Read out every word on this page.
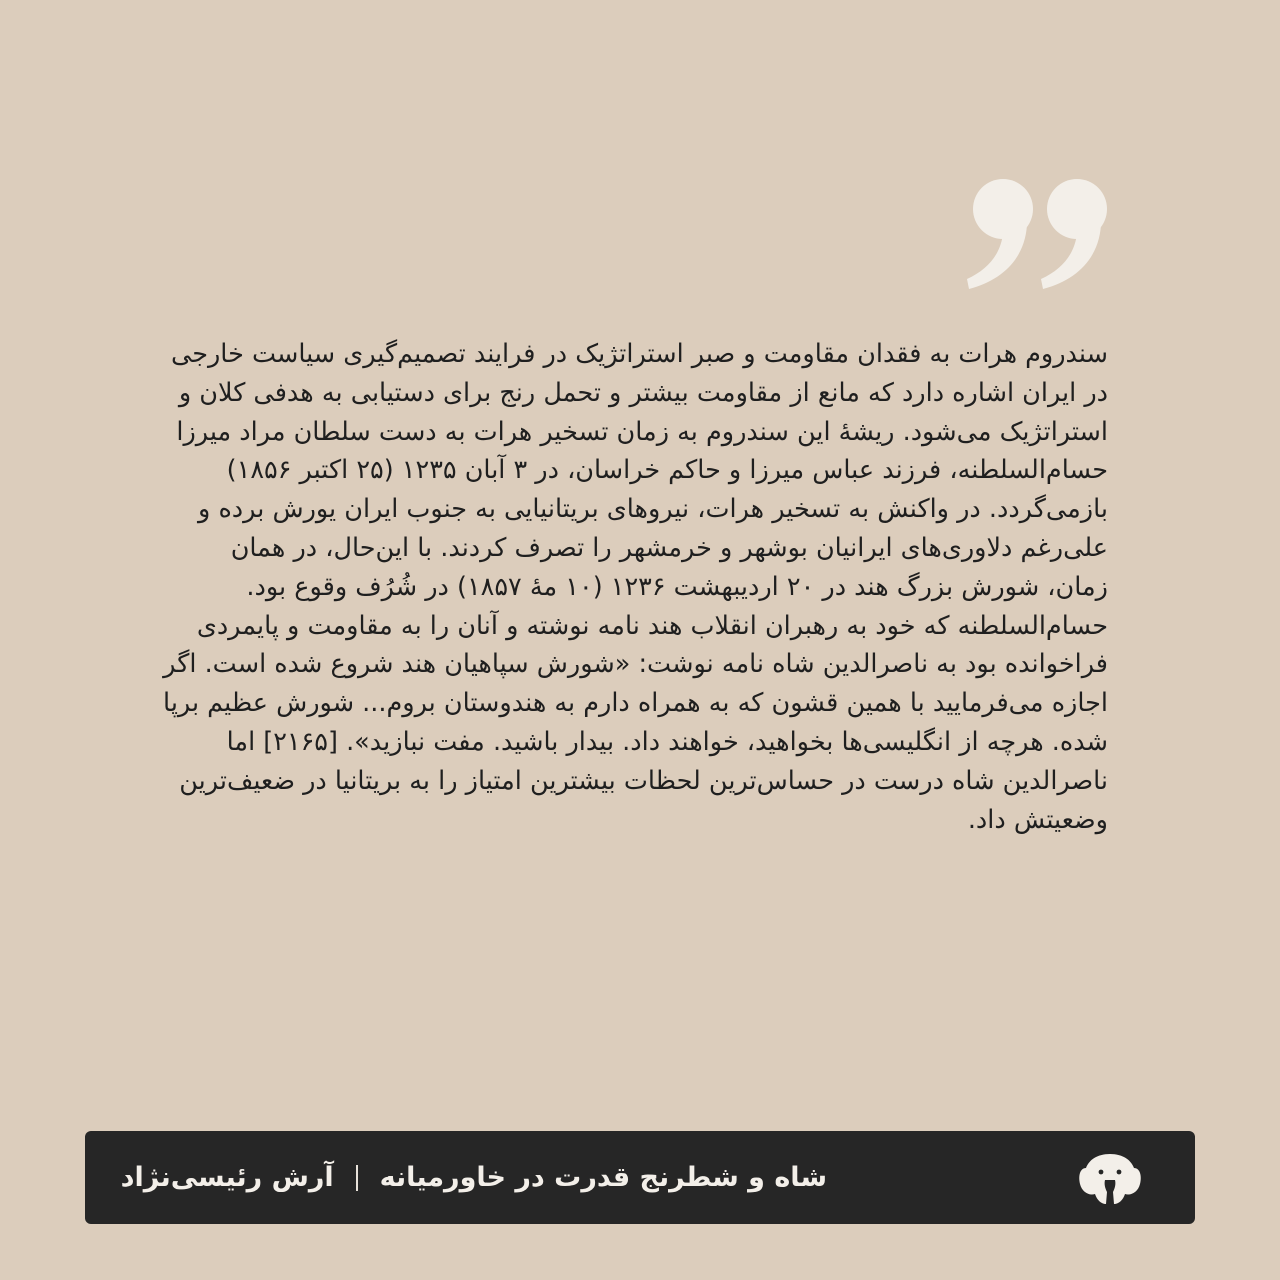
سندروم هرات به فقدان مقاومت و صبر استراتژیک در فرایند تصمیم‌گیری سیاست خارجی در ایران اشاره دارد که مانع از مقاومت بیشتر و تحمل رنج برای دستیابی به هدفی کلان و استراتژیک می‌شود. ریشهٔ این سندروم به زمان تسخیر هرات به دست سلطان مراد میرزا حسام‌السلطنه، فرزند عباس میرزا و حاکم خراسان، در ۳ آبان ۱۲۳۵ (۲۵ اکتبر ۱۸۵۶) بازمی‌گردد. در واکنش به تسخیر هرات، نیروهای بریتانیایی به جنوب ایران یورش برده و علی‌رغم دلاوری‌های ایرانیان بوشهر و خرمشهر را تصرف کردند. با این‌حال، در همان زمان، شورش بزرگ هند در ۲۰ اردیبهشت ۱۲۳۶ (۱۰ مهٔ ۱۸۵۷) در شُرُف وقوع بود. حسام‌السلطنه که خود به رهبران انقلاب هند نامه نوشته و آنان را به مقاومت و پایمردی فراخوانده بود به ناصرالدین شاه نامه نوشت: «شورش سپاهیان هند شروع شده است. اگر اجازه می‌فرمایید با همین قشون که به همراه دارم به هندوستان بروم... شورش عظیم برپا شده. هرچه از انگلیسی‌ها بخواهید، خواهند داد. بیدار باشید. مفت نبازید». [۲۱۶۵] اما ناصرالدین شاه درست در حساس‌ترین لحظات بیشترین امتیاز را به بریتانیا در ضعیف‌ترین وضعیتش داد.
شاه و شطرنج قدرت در خاورمیانه
آرش رئیسی‌نژاد
